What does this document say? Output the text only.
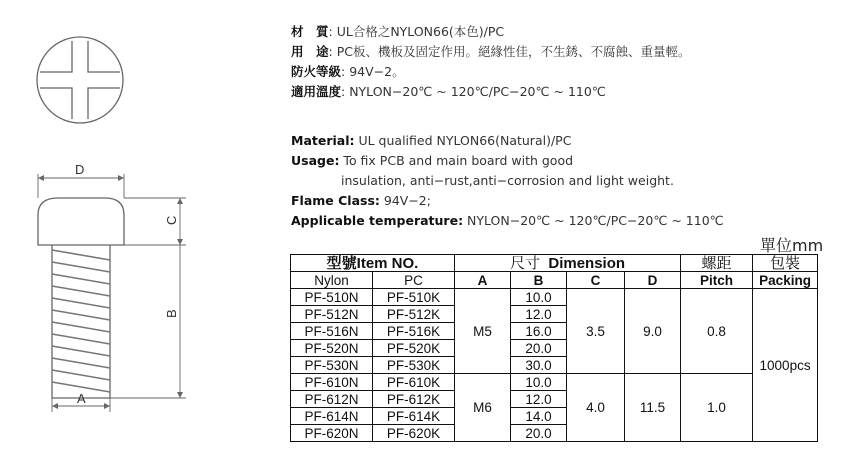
D
C
B
A
材　質: UL合格之NYLON66(本色)/PC
用　途: PC板、機板及固定作用。絕緣性佳，不生銹、不腐蝕、重量輕。
防火等級: 94V−2。
適用溫度: NYLON−20℃ ~ 120℃/PC−20℃ ~ 110℃
Material: UL qualified NYLON66(Natural)/PC
Usage: To fix PCB and main board with good
insulation, anti−rust,anti−corrosion and light weight.
Flame Class: 94V−2;
Applicable temperature: NYLON−20℃ ~ 120℃/PC−20℃ ~ 110℃
單位mm
型號Item NO.		尺寸 Dimension				螺距	包裝
Nylon	PC	A	B	C	D	Pitch	Packing
PF-510N	PF-510K	M5	10.0	3.5	9.0	0.8	1000pcs
PF-512N	PF-512K		12.0				
PF-516N	PF-516K		16.0				
PF-520N	PF-520K		20.0				
PF-530N	PF-530K		30.0				
PF-610N	PF-610K	M6	10.0	4.0	11.5	1.0	
PF-612N	PF-612K		12.0				
PF-614N	PF-614K		14.0				
PF-620N	PF-620K		20.0				
